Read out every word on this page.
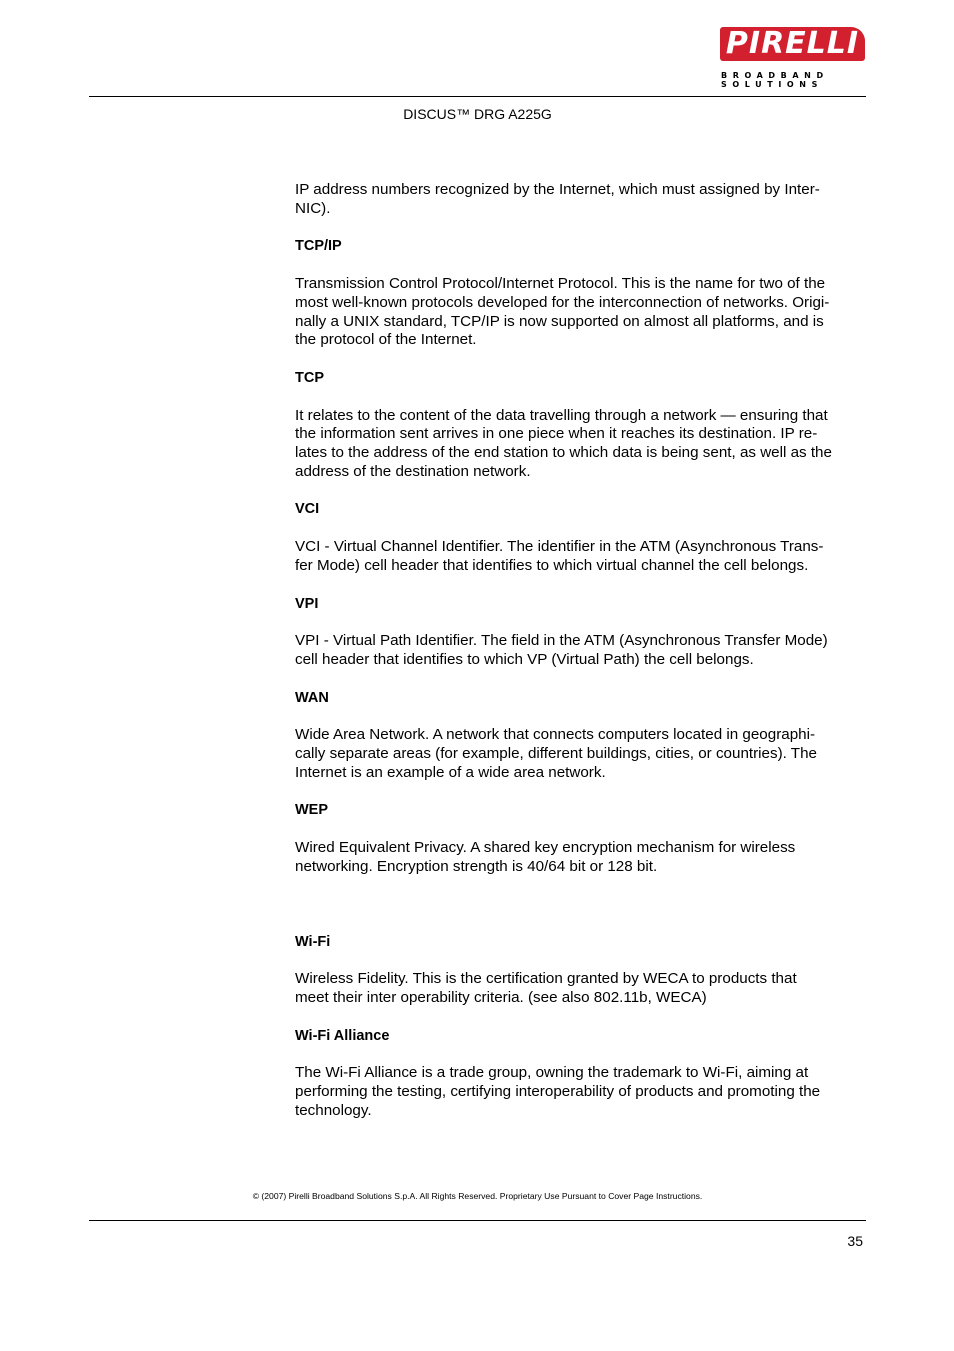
PIRELLI
BROADBAND
SOLUTIONS
DISCUS™ DRG A225G

IP address numbers recognized by the Internet, which must assigned by Inter-
NIC).

TCP/IP

Transmission Control Protocol/Internet Protocol. This is the name for two of the
most well-known protocols developed for the interconnection of networks. Origi-
nally a UNIX standard, TCP/IP is now supported on almost all platforms, and is
the protocol of the Internet.

TCP

It relates to the content of the data travelling through a network — ensuring that
the information sent arrives in one piece when it reaches its destination. IP re-
lates to the address of the end station to which data is being sent, as well as the
address of the destination network.

VCI

VCI - Virtual Channel Identifier. The identifier in the ATM (Asynchronous Trans-
fer Mode) cell header that identifies to which virtual channel the cell belongs.

VPI

VPI - Virtual Path Identifier. The field in the ATM (Asynchronous Transfer Mode)
cell header that identifies to which VP (Virtual Path) the cell belongs.

WAN

Wide Area Network. A network that connects computers located in geographi-
cally separate areas (for example, different buildings, cities, or countries). The
Internet is an example of a wide area network.

WEP

Wired Equivalent Privacy. A shared key encryption mechanism for wireless
networking. Encryption strength is 40/64 bit or 128 bit.

Wi-Fi

Wireless Fidelity. This is the certification granted by WECA to products that
meet their inter operability criteria. (see also 802.11b, WECA)

Wi-Fi Alliance

The Wi-Fi Alliance is a trade group, owning the trademark to Wi-Fi, aiming at
performing the testing, certifying interoperability of products and promoting the
technology.

© (2007) Pirelli Broadband Solutions S.p.A. All Rights Reserved. Proprietary Use Pursuant to Cover Page Instructions.
35
